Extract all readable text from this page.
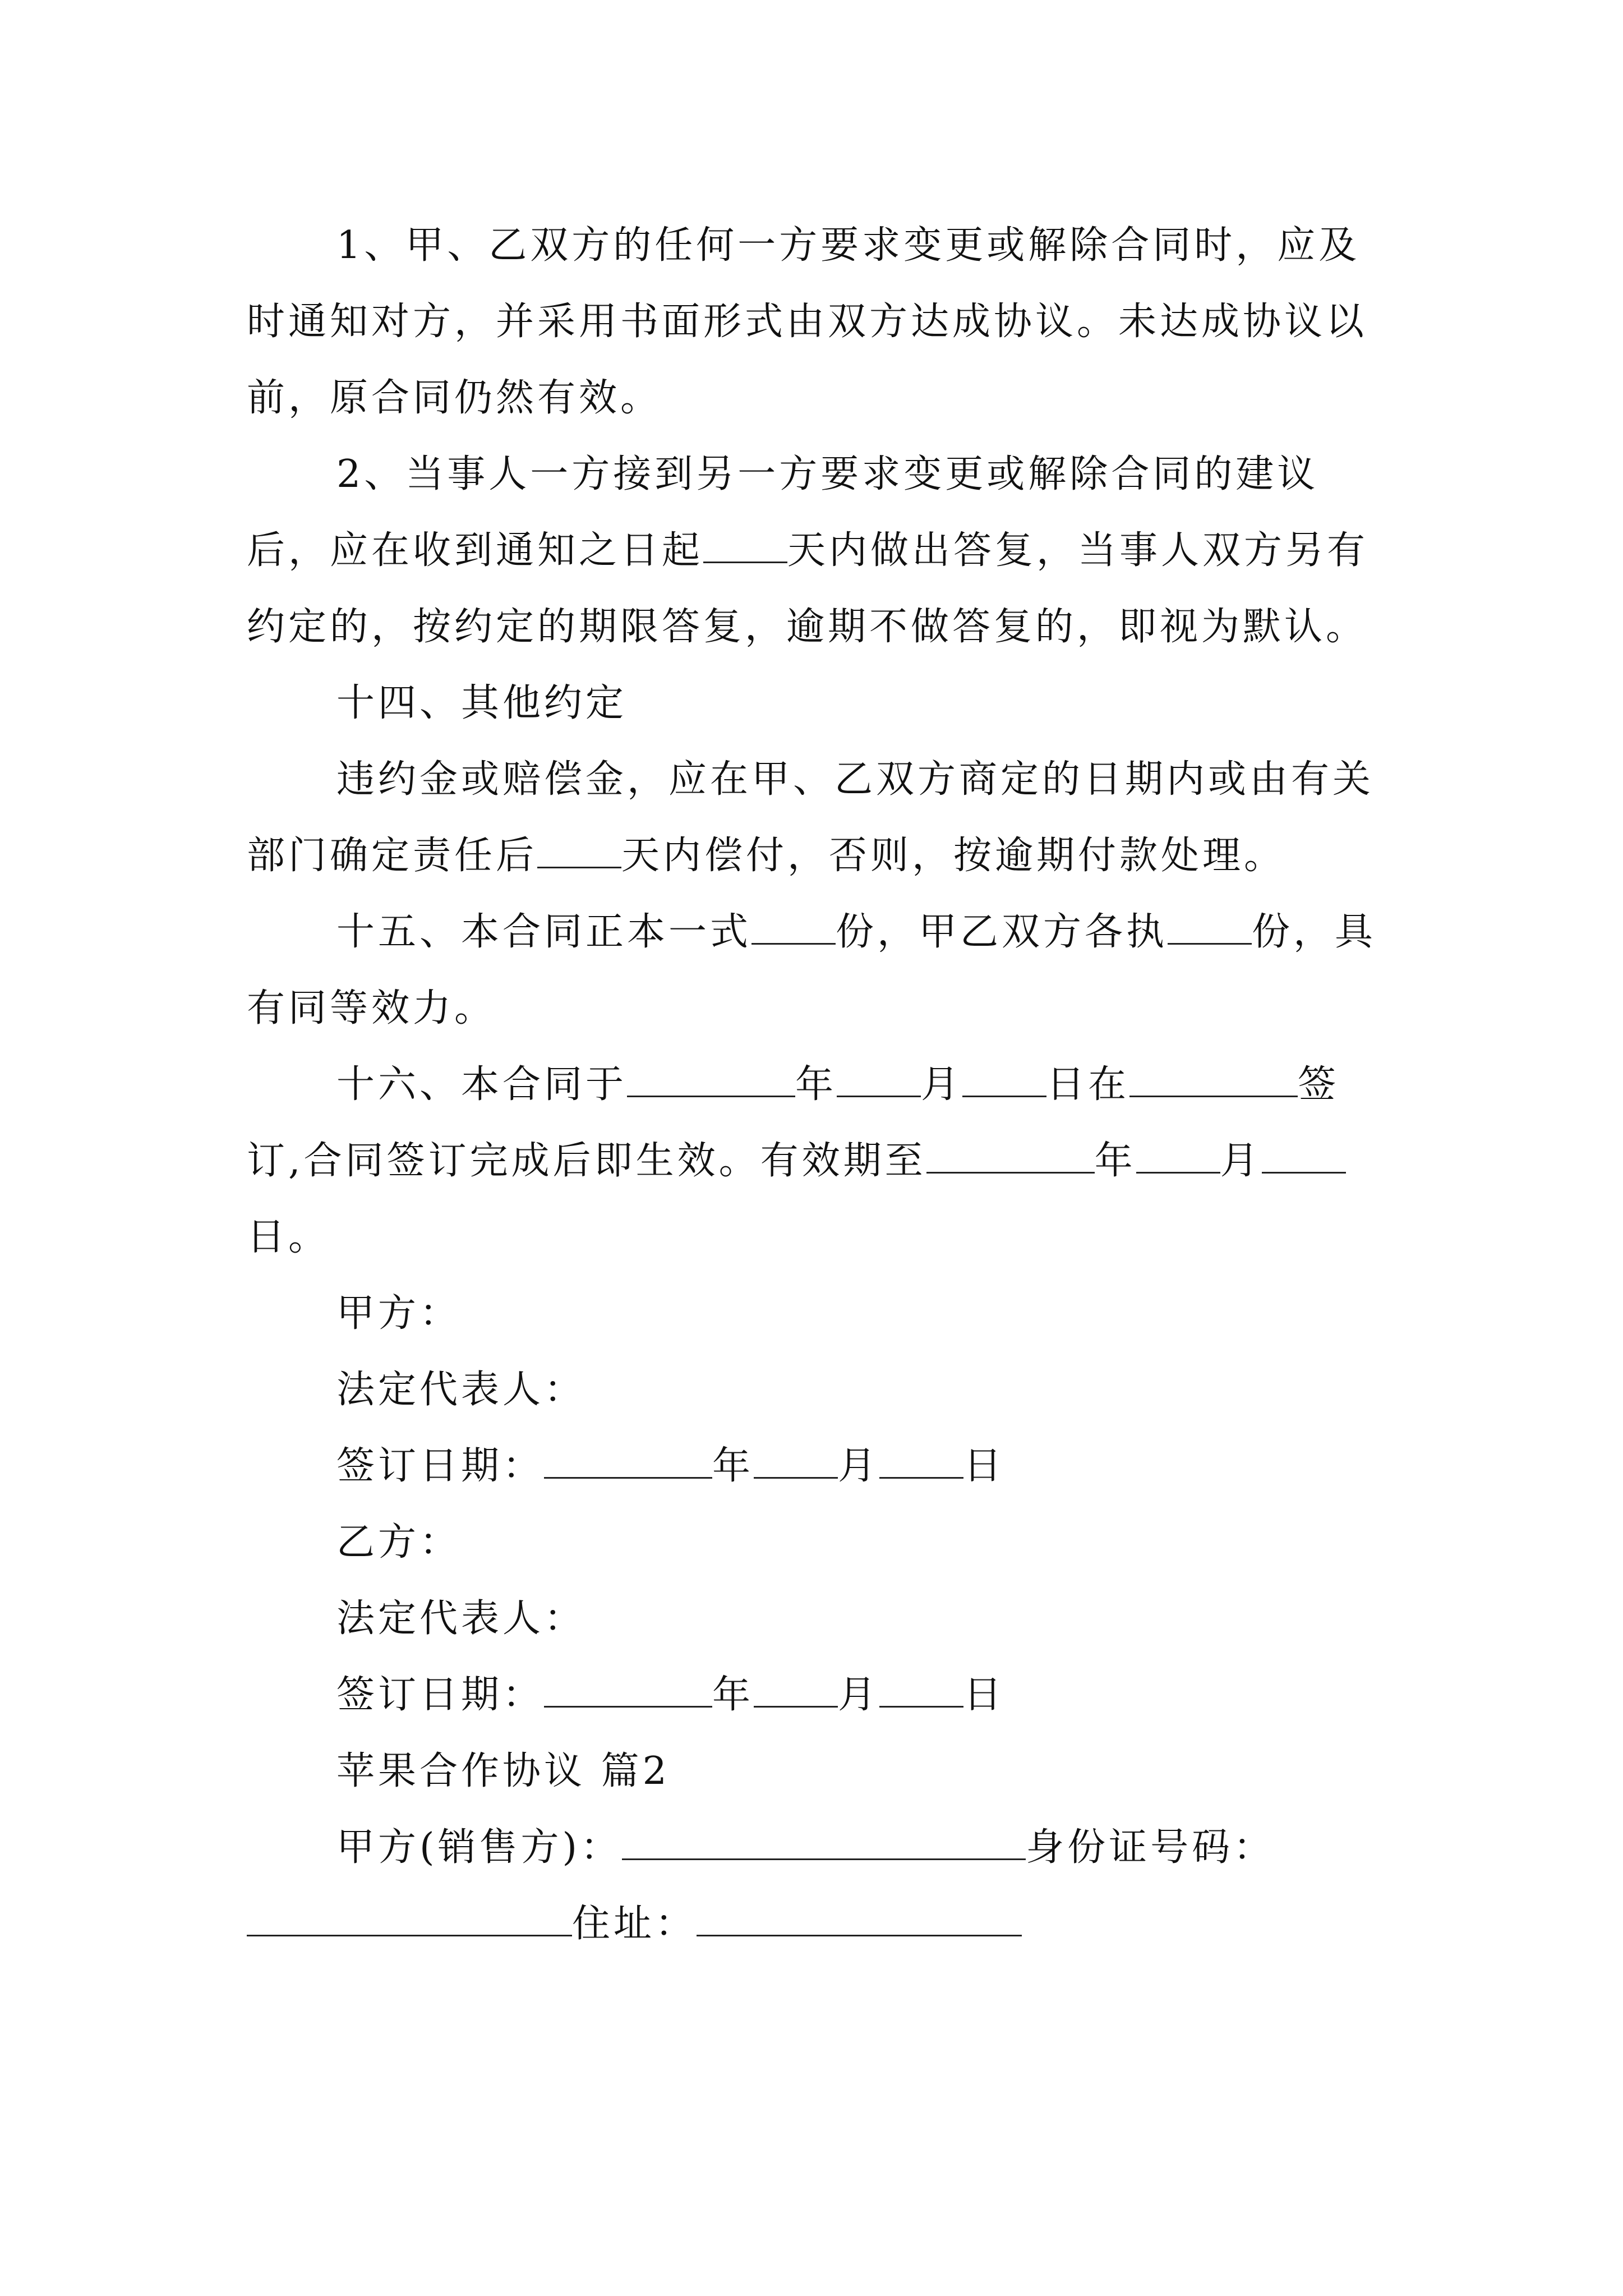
1、甲、乙双方的任何一方要求变更或解除合同时，应及时通知对方，并采用书面形式由双方达成协议。未达成协议以前，原合同仍然有效。

2、当事人一方接到另一方要求变更或解除合同的建议后，应在收到通知之日起 天内做出答复，当事人双方另有约定的，按约定的期限答复，逾期不做答复的，即视为默认。

十四、其他约定

违约金或赔偿金，应在甲、乙双方商定的日期内或由有关部门确定责任后 天内偿付，否则，按逾期付款处理。

十五、本合同正本一式 份，甲乙双方各执 份，具有同等效力。

十六、本合同于	年 月 日在	签订,合同签订完成后即生效。有效期至	年 月日。

甲方：

法定代表人：

签订日期：	年 月 日

乙方：

法定代表人：

签订日期：	年 月 日

苹果合作协议 篇2

甲方(销售方)：	身份证号码：住址：
